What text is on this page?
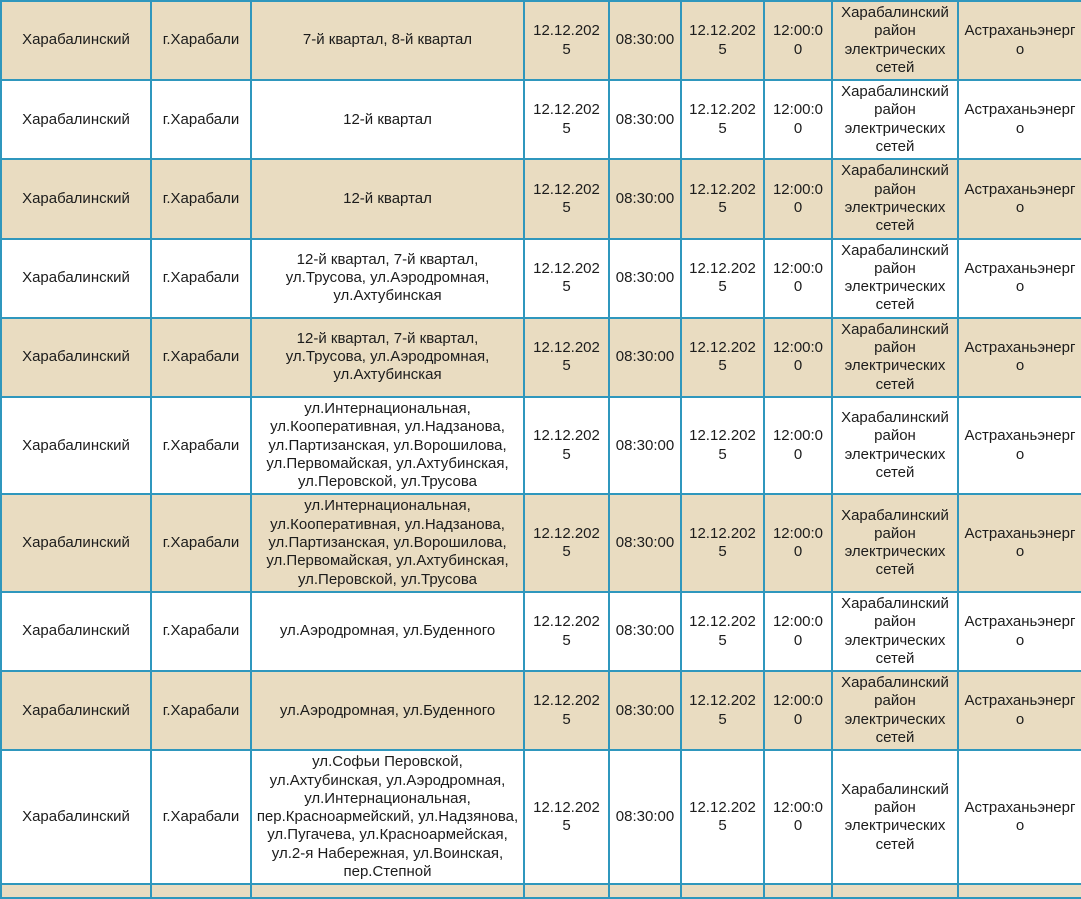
Харабалинский	г.Харабали	7-й квартал, 8-й квартал	12.12.2025	08:30:00	12.12.2025	12:00:00	Харабалинский район электрических сетей	Астраханьэнерго
Харабалинский	г.Харабали	12-й квартал	12.12.2025	08:30:00	12.12.2025	12:00:00	Харабалинский район электрических сетей	Астраханьэнерго
Харабалинский	г.Харабали	12-й квартал	12.12.2025	08:30:00	12.12.2025	12:00:00	Харабалинский район электрических сетей	Астраханьэнерго
Харабалинский	г.Харабали	12-й квартал, 7-й квартал, ул.Трусова, ул.Аэродромная, ул.Ахтубинская	12.12.2025	08:30:00	12.12.2025	12:00:00	Харабалинский район электрических сетей	Астраханьэнерго
Харабалинский	г.Харабали	12-й квартал, 7-й квартал, ул.Трусова, ул.Аэродромная, ул.Ахтубинская	12.12.2025	08:30:00	12.12.2025	12:00:00	Харабалинский район электрических сетей	Астраханьэнерго
Харабалинский	г.Харабали	ул.Интернациональная, ул.Кооперативная, ул.Надзанова, ул.Партизанская, ул.Ворошилова, ул.Первомайская, ул.Ахтубинская, ул.Перовской, ул.Трусова	12.12.2025	08:30:00	12.12.2025	12:00:00	Харабалинский район электрических сетей	Астраханьэнерго
Харабалинский	г.Харабали	ул.Интернациональная, ул.Кооперативная, ул.Надзанова, ул.Партизанская, ул.Ворошилова, ул.Первомайская, ул.Ахтубинская, ул.Перовской, ул.Трусова	12.12.2025	08:30:00	12.12.2025	12:00:00	Харабалинский район электрических сетей	Астраханьэнерго
Харабалинский	г.Харабали	ул.Аэродромная, ул.Буденного	12.12.2025	08:30:00	12.12.2025	12:00:00	Харабалинский район электрических сетей	Астраханьэнерго
Харабалинский	г.Харабали	ул.Аэродромная, ул.Буденного	12.12.2025	08:30:00	12.12.2025	12:00:00	Харабалинский район электрических сетей	Астраханьэнерго
Харабалинский	г.Харабали	ул.Софьи Перовской, ул.Ахтубинская, ул.Аэродромная, ул.Интернациональная, пер.Красноармейский, ул.Надзянова, ул.Пугачева, ул.Красноармейская, ул.2-я Набережная, ул.Воинская, пер.Степной	12.12.2025	08:30:00	12.12.2025	12:00:00	Харабалинский район электрических сетей	Астраханьэнерго
